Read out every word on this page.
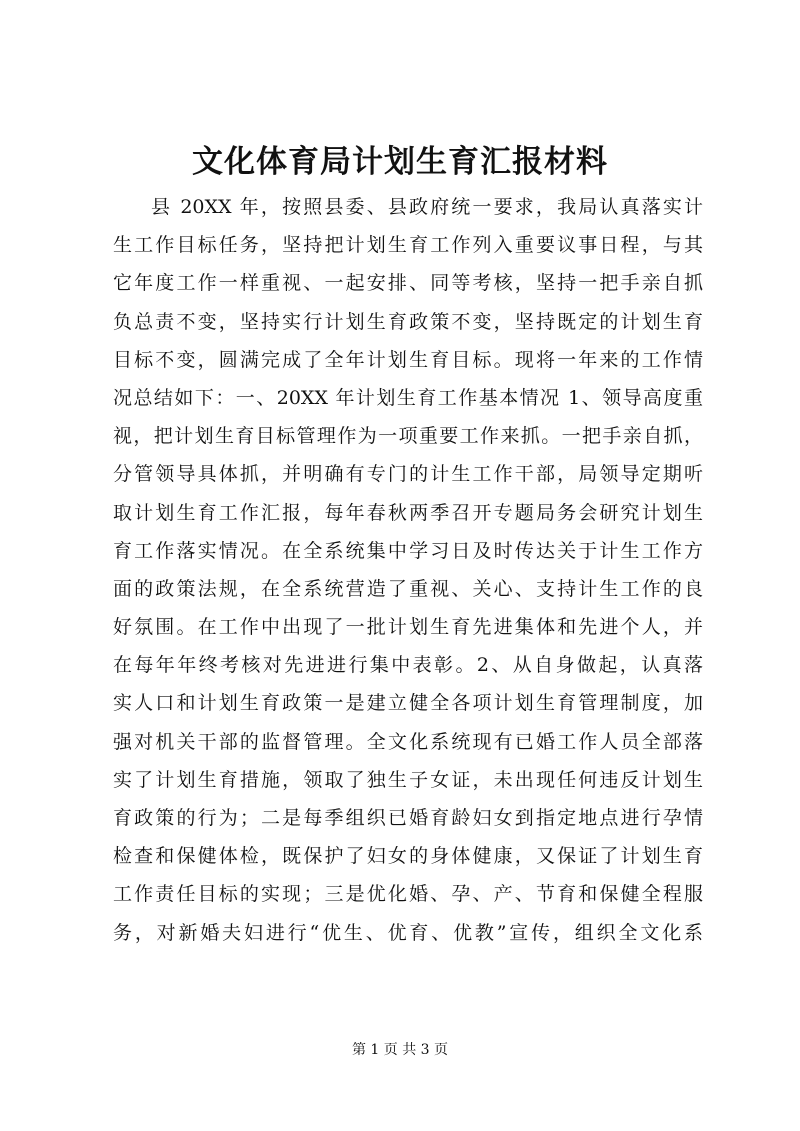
文化体育局计划生育汇报材料
县 20XX 年，按照县委、县政府统一要求，我局认真落实计
生工作目标任务，坚持把计划生育工作列入重要议事日程，与其
它年度工作一样重视、一起安排、同等考核，坚持一把手亲自抓
负总责不变，坚持实行计划生育政策不变，坚持既定的计划生育
目标不变，圆满完成了全年计划生育目标。现将一年来的工作情
况总结如下：一、20XX 年计划生育工作基本情况 1、领导高度重
视，把计划生育目标管理作为一项重要工作来抓。一把手亲自抓，
分管领导具体抓，并明确有专门的计生工作干部，局领导定期听
取计划生育工作汇报，每年春秋两季召开专题局务会研究计划生
育工作落实情况。在全系统集中学习日及时传达关于计生工作方
面的政策法规，在全系统营造了重视、关心、支持计生工作的良
好氛围。在工作中出现了一批计划生育先进集体和先进个人，并
在每年年终考核对先进进行集中表彰。2、从自身做起，认真落
实人口和计划生育政策一是建立健全各项计划生育管理制度，加
强对机关干部的监督管理。全文化系统现有已婚工作人员全部落
实了计划生育措施，领取了独生子女证，未出现任何违反计划生
育政策的行为；二是每季组织已婚育龄妇女到指定地点进行孕情
检查和保健体检，既保护了妇女的身体健康，又保证了计划生育
工作责任目标的实现；三是优化婚、孕、产、节育和保健全程服
务，对新婚夫妇进行“优生、优育、优教”宣传，组织全文化系
第 1 页 共 3 页
